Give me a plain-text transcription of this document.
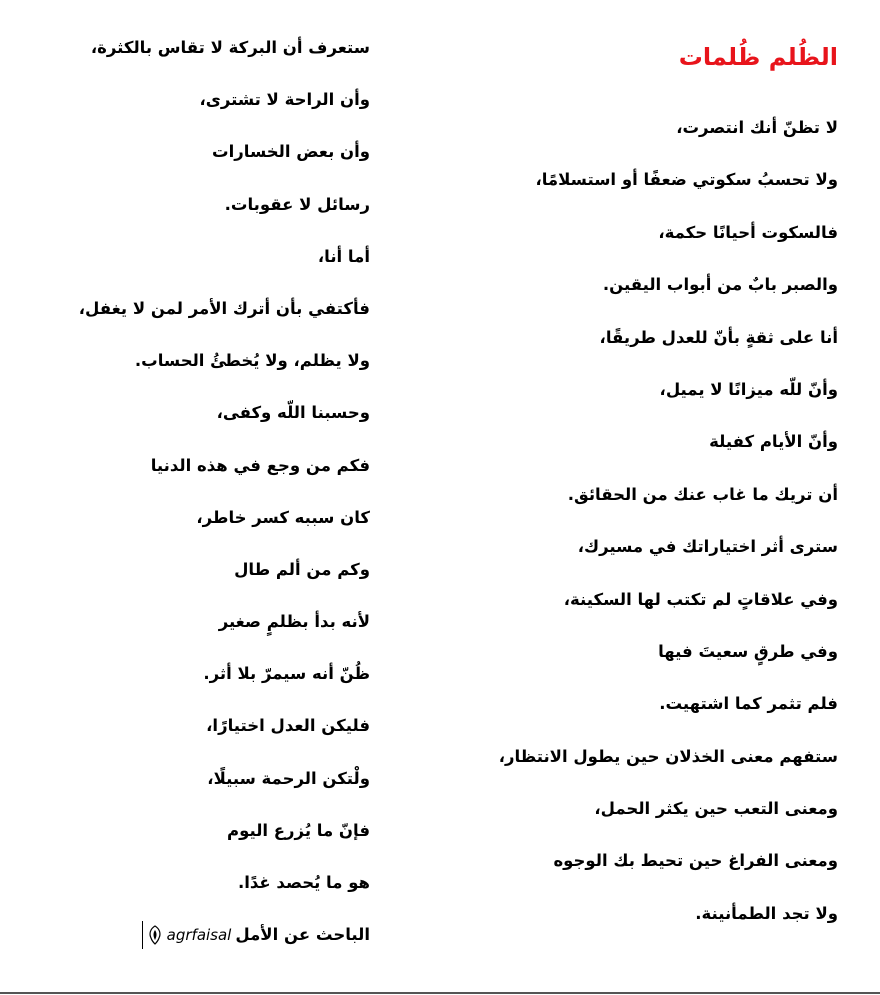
الظُلم ظُلمات
لا تظنّ أنك انتصرت،
ولا تحسبُ سكوتي ضعفًا أو استسلامًا،
فالسكوت أحيانًا حكمة،
والصبر بابٌ من أبواب اليقين.
أنا على ثقةٍ بأنّ للعدل طريقًا،
وأنّ للّه ميزانًا لا يميل،
وأنّ الأيام كفيلة
أن تريك ما غاب عنك من الحقائق.
سترى أثر اختياراتك في مسيرك،
وفي علاقاتٍ لم تكتب لها السكينة،
وفي طرقٍ سعيتَ فيها
فلم تثمر كما اشتهيت.
ستفهم معنى الخذلان حين يطول الانتظار،
ومعنى التعب حين يكثر الحمل،
ومعنى الفراغ حين تحيط بك الوجوه
ولا تجد الطمأنينة.
ستعرف أن البركة لا تقاس بالكثرة،
وأن الراحة لا تشترى،
وأن بعض الخسارات
رسائل لا عقوبات.
أما أنا،
فأكتفي بأن أترك الأمر لمن لا يغفل،
ولا يظلم، ولا يُخطئُ الحساب.
وحسبنا اللّه وكفى،
فكم من وجع في هذه الدنيا
كان سببه كسر خاطر،
وكم من ألم طال
لأنه بدأ بظلمٍ صغير
ظُنّ أنه سيمرّ بلا أثر.
فليكن العدل اختيارًا،
ولْتكن الرحمة سبيلًا،
فإنّ ما يُزرع اليوم
هو ما يُحصد غدًا.
الباحث عن الأمل
agrfaisal
